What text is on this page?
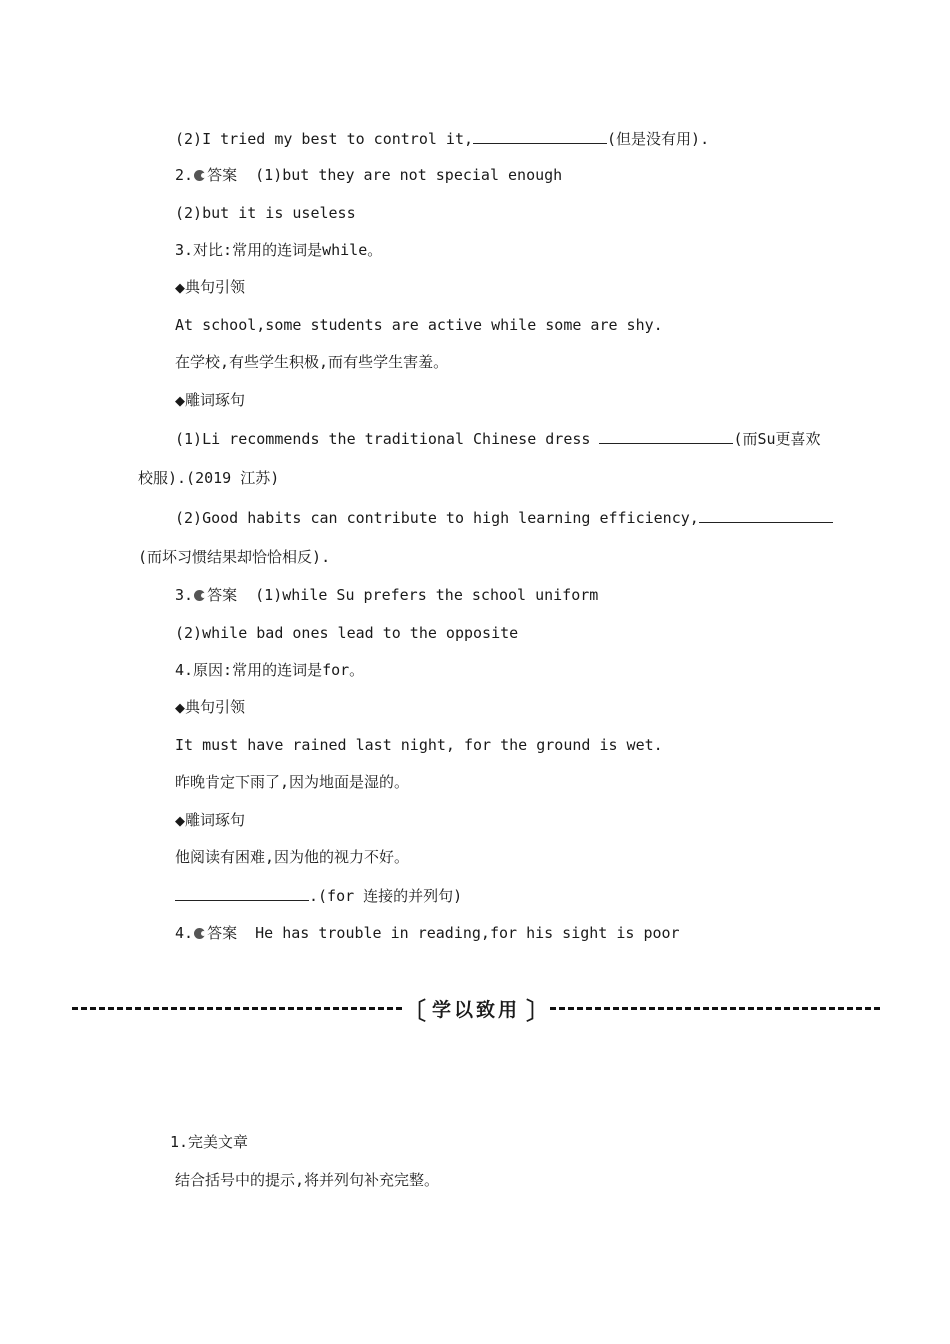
(2)I tried my best to control it,	(但是没有用).
2. 答案  (1)but they are not special enough
(2)but it is useless
3.对比:常用的连词是while。
◆典句引领
At school,some students are active while some are shy.
在学校,有些学生积极,而有些学生害羞。
◆雕词琢句
(1)Li recommends the traditional Chinese dress	(而Su更喜欢
校服).(2019 江苏)
(2)Good habits can contribute to high learning efficiency,
(而坏习惯结果却恰恰相反).
3. 答案  (1)while Su prefers the school uniform
(2)while bad ones lead to the opposite
4.原因:常用的连词是for。
◆典句引领
It must have rained last night, for the ground is wet.
昨晚肯定下雨了,因为地面是湿的。
◆雕词琢句
他阅读有困难,因为他的视力不好。
.(for 连接的并列句)
4. 答案  He has trouble in reading,for his sight is poor
〔 学以致用 〕
1.完美文章
结合括号中的提示,将并列句补充完整。
